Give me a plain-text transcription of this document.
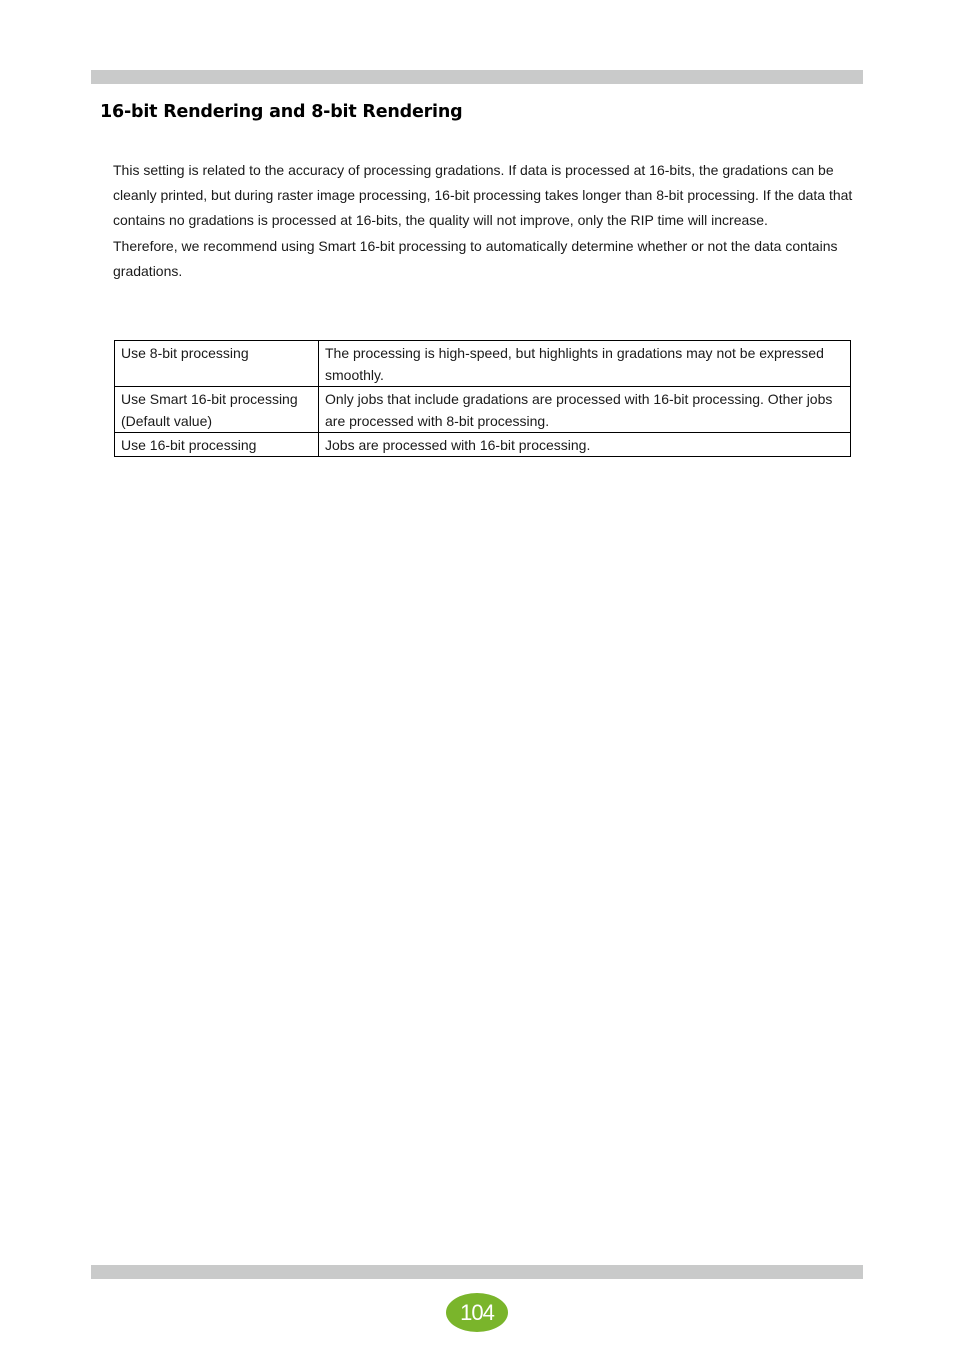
16-bit Rendering and 8-bit Rendering

This setting is related to the accuracy of processing gradations. If data is processed at 16-bits, the gradations can be cleanly printed, but during raster image processing, 16-bit processing takes longer than 8-bit processing. If the data that contains no gradations is processed at 16-bits, the quality will not improve, only the RIP time will increase.

Therefore, we recommend using Smart 16-bit processing to automatically determine whether or not the data contains gradations.

Use 8-bit processing	The processing is high-speed, but highlights in gradations may not be expressed smoothly.
Use Smart 16-bit processing (Default value)	Only jobs that include gradations are processed with 16-bit processing. Other jobs are processed with 8-bit processing.
Use 16-bit processing	Jobs are processed with 16-bit processing.
104
